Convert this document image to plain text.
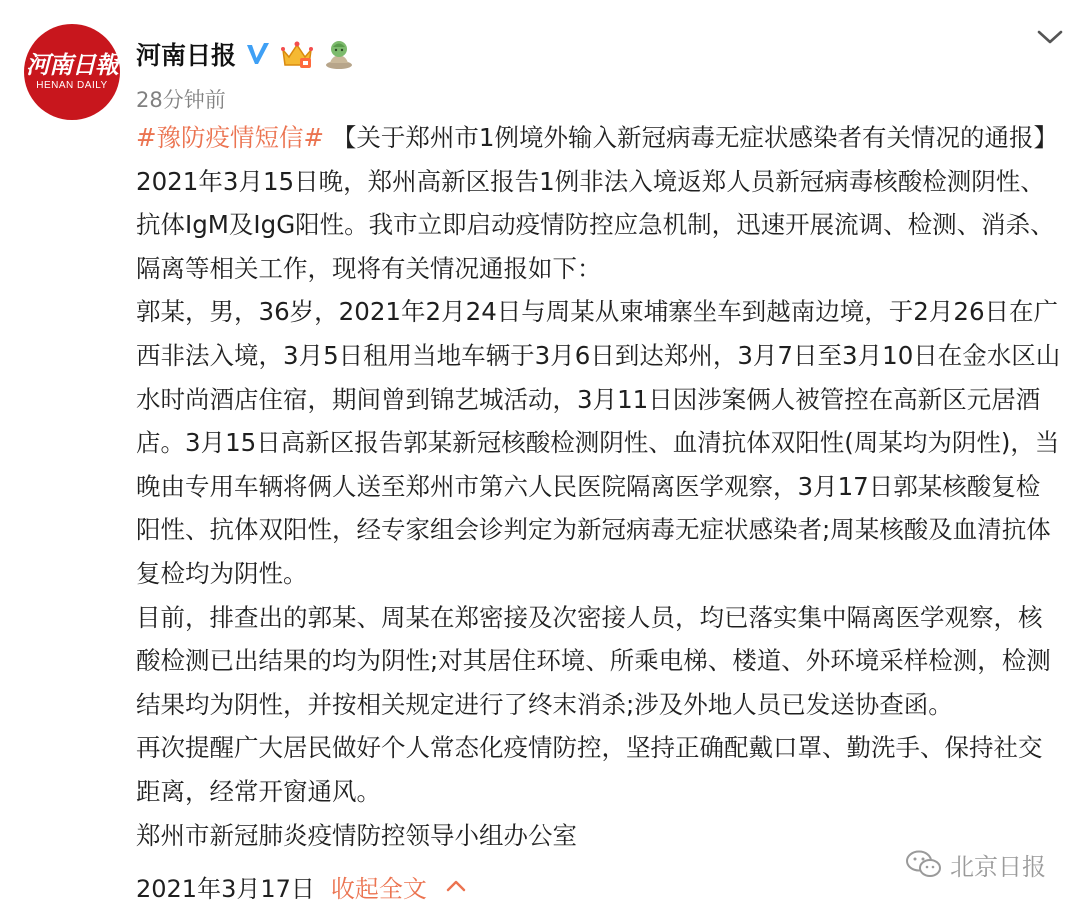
河南日報
HENAN DAILY
河南日报
28分钟前

#豫防疫情短信# 【关于郑州市1例境外输入新冠病毒无症状感染者有关情况的通报】2021年3月15日晚，郑州高新区报告1例非法入境返郑人员新冠病毒核酸检测阴性、抗体IgM及IgG阳性。我市立即启动疫情防控应急机制，迅速开展流调、检测、消杀、隔离等相关工作，现将有关情况通报如下：

郭某，男，36岁，2021年2月24日与周某从柬埔寨坐车到越南边境，于2月26日在广西非法入境，3月5日租用当地车辆于3月6日到达郑州，3月7日至3月10日在金水区山水时尚酒店住宿，期间曾到锦艺城活动，3月11日因涉案俩人被管控在高新区元居酒店。3月15日高新区报告郭某新冠核酸检测阴性、血清抗体双阳性(周某均为阴性)，当晚由专用车辆将俩人送至郑州市第六人民医院隔离医学观察，3月17日郭某核酸复检阳性、抗体双阳性，经专家组会诊判定为新冠病毒无症状感染者;周某核酸及血清抗体复检均为阴性。

目前，排查出的郭某、周某在郑密接及次密接人员，均已落实集中隔离医学观察，核酸检测已出结果的均为阴性;对其居住环境、所乘电梯、楼道、外环境采样检测，检测结果均为阴性，并按相关规定进行了终末消杀;涉及外地人员已发送协查函。

再次提醒广大居民做好个人常态化疫情防控，坚持正确配戴口罩、勤洗手、保持社交距离，经常开窗通风。

郑州市新冠肺炎疫情防控领导小组办公室

2021年3月17日 收起全文
北京日报
